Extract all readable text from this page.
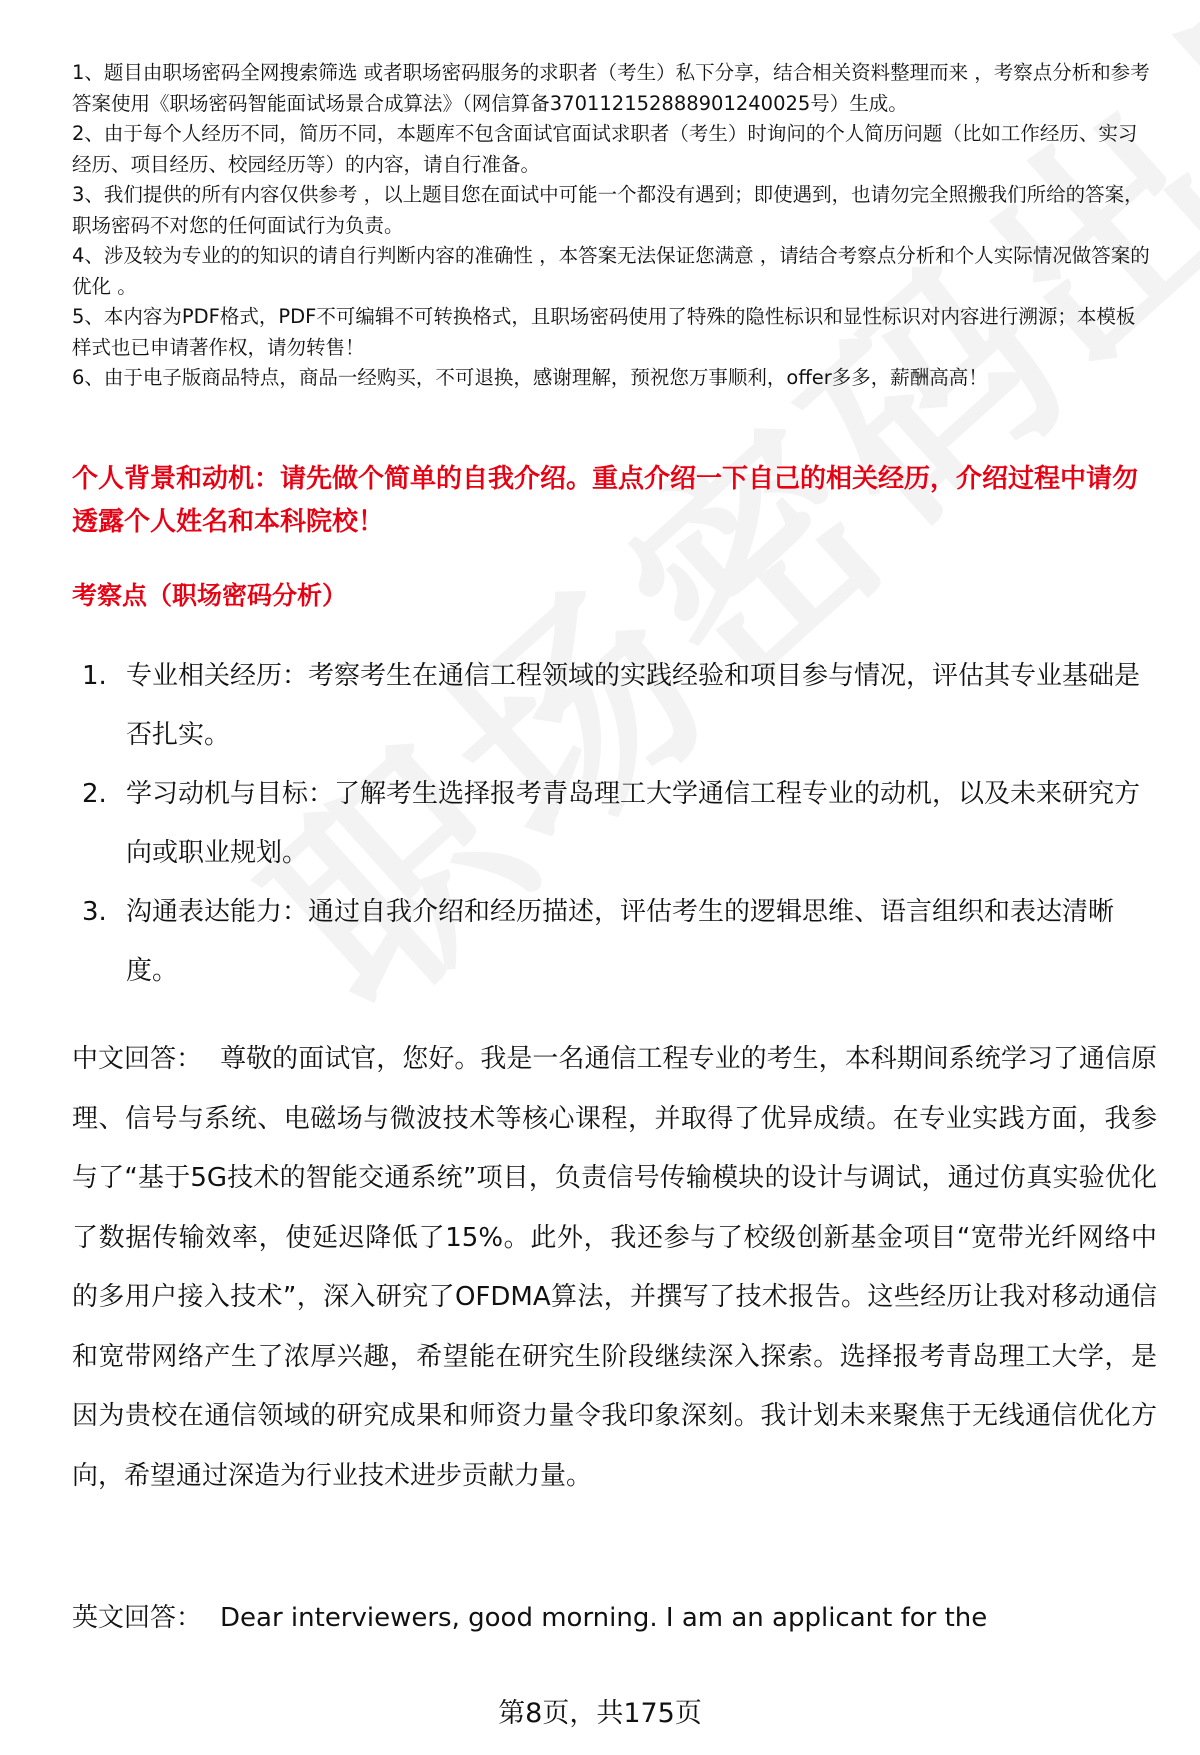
1、题目由职场密码全网搜索筛选 或者职场密码服务的求职者（考生）私下分享，结合相关资料整理而来 ，考察点分析和参考答案使用《职场密码智能面试场景合成算法》（网信算备370112152888901240025号）生成。

2、由于每个人经历不同，简历不同，本题库不包含面试官面试求职者（考生）时询问的个人简历问题（比如工作经历、实习经历、项目经历、校园经历等）的内容，请自行准备。

3、我们提供的所有内容仅供参考 ，以上题目您在面试中可能一个都没有遇到；即使遇到，也请勿完全照搬我们所给的答案，职场密码不对您的任何面试行为负责。

4、涉及较为专业的的知识的请自行判断内容的准确性 ，本答案无法保证您满意 ，请结合考察点分析和个人实际情况做答案的优化 。

5、本内容为PDF格式，PDF不可编辑不可转换格式，且职场密码使用了特殊的隐性标识和显性标识对内容进行溯源；本模板样式也已申请著作权，请勿转售！

6、由于电子版商品特点，商品一经购买，不可退换，感谢理解，预祝您万事顺利，offer多多，薪酬高高！

个人背景和动机：请先做个简单的自我介绍。重点介绍一下自己的相关经历，介绍过程中请勿透露个人姓名和本科院校！
考察点（职场密码分析）
1. 专业相关经历：考察考生在通信工程领域的实践经验和项目参与情况，评估其专业基础是否扎实。
2. 学习动机与目标：了解考生选择报考青岛理工大学通信工程专业的动机，以及未来研究方向或职业规划。
3. 沟通表达能力：通过自我介绍和经历描述，评估考生的逻辑思维、语言组织和表达清晰度。
中文回答： 尊敬的面试官，您好。我是一名通信工程专业的考生，本科期间系统学习了通信原理、信号与系统、电磁场与微波技术等核心课程，并取得了优异成绩。在专业实践方面，我参与了“基于5G技术的智能交通系统”项目，负责信号传输模块的设计与调试，通过仿真实验优化了数据传输效率，使延迟降低了15%。此外，我还参与了校级创新基金项目“宽带光纤网络中的多用户接入技术”，深入研究了OFDMA算法，并撰写了技术报告。这些经历让我对移动通信和宽带网络产生了浓厚兴趣，希望能在研究生阶段继续深入探索。选择报考青岛理工大学，是因为贵校在通信领域的研究成果和师资力量令我印象深刻。我计划未来聚焦于无线通信优化方向，希望通过深造为行业技术进步贡献力量。
英文回答： Dear interviewers, good morning. I am an applicant for the
第8页，共175页
